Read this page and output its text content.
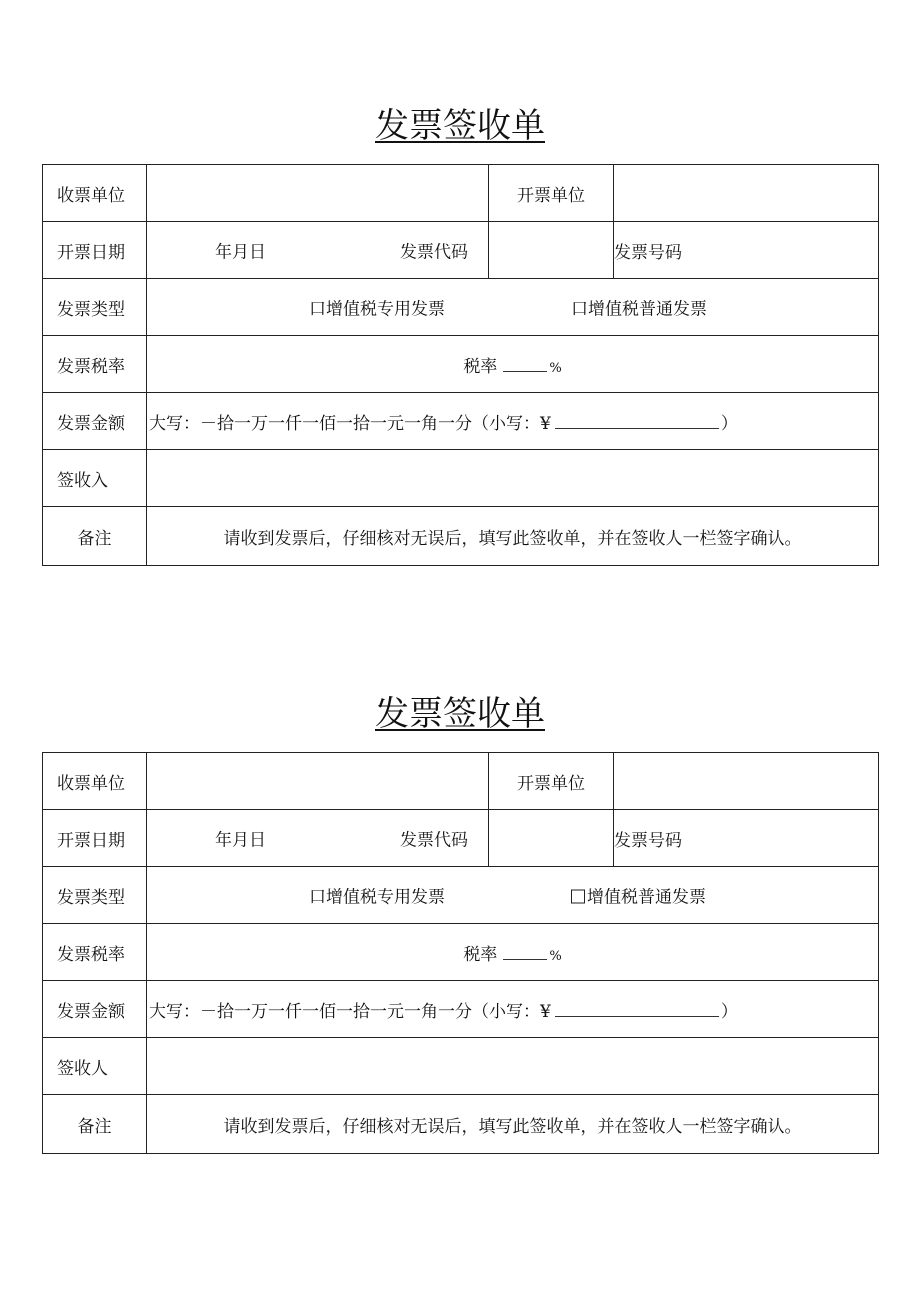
发票签收单
收票单位		开票单位	
开票日期	年月日 发票代码		发票号码
发票类型	口增值税专用发票 口增值税普通发票		

发票税率	税率 %		
发票金额	大写：－拾一万一仟一佰一拾一元一角一分（小写：¥ ）		
签收入			
备注	请收到发票后，仔细核对无误后，填写此签收单，并在签收人一栏签字确认。		
发票签收单
收票单位		开票单位	
开票日期	年月日 发票代码		发票号码
发票类型	口增值税专用发票 增值税普通发票		

发票税率	税率 %		
发票金额	大写：－拾一万一仟一佰一拾一元一角一分（小写：¥ ）		
签收人			
备注	请收到发票后，仔细核对无误后，填写此签收单，并在签收人一栏签字确认。		
